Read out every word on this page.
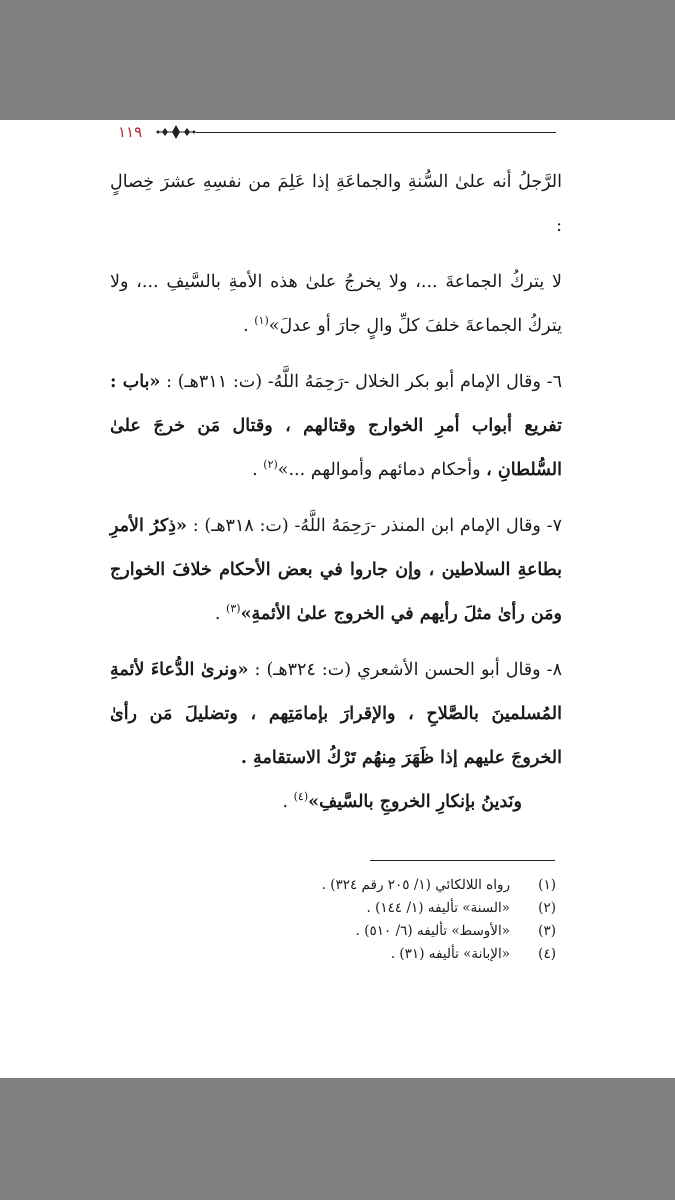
١١٩

الرَّجلُ أنه علىٰ السُّنةِ والجماعَةِ إذا عَلِمَ من نفسِهِ عشرَ خِصالٍ :

لا يتركُ الجماعةَ ...، ولا يخرجُ علىٰ هذه الأمةِ بالسَّيفِ ...، ولا يتركُ الجماعةَ خلفَ كلِّ والٍ جارَ أو عدلَ»$^{(١)}$ .

٦- وقال الإمام أبو بكر الخلال -رَحِمَهُ اللَّهُ- (ت: ٣١١هـ) : «باب : تفريع أبواب أمرِ الخوارج وقتالهم ، وقتال مَن خرجَ علىٰ السُّلطانِ ، وأحكام دمائهم وأموالهم ...»$^{(٢)}$ .

٧- وقال الإمام ابن المنذر -رَحِمَهُ اللَّهُ- (ت: ٣١٨هـ) : «ذِكرُ الأمرِ بطاعةِ السلاطين ، وإن جاروا في بعض الأحكام خلافَ الخوارج ومَن رأىٰ مثلَ رأيهم في الخروج علىٰ الأئمةِ»$^{(٣)}$ .

٨- وقال أبو الحسن الأشعري (ت: ٣٢٤هـ) : «ونرىٰ الدُّعاءَ لأئمةِ المُسلمينَ بالصَّلاحِ ، والإقرارَ بإمامَتِهم ، وتضليلَ مَن رأىٰ الخروجَ عليهم إذا ظَهَرَ مِنهُم تَرْكُ الاستقامةِ .

ونَدينُ بإنكارِ الخروجِ بالسَّيفِ»$^{(٤)}$ .

(١)
رواه اللالكائي (١/ ٢٠٥ رقم ٣٢٤) .
(٢)
«السنة» تأليفه (١/ ١٤٤) .
(٣)
«الأوسط» تأليفه (٦/ ٥١٠) .
(٤)
«الإبانة» تأليفه (٣١) .
